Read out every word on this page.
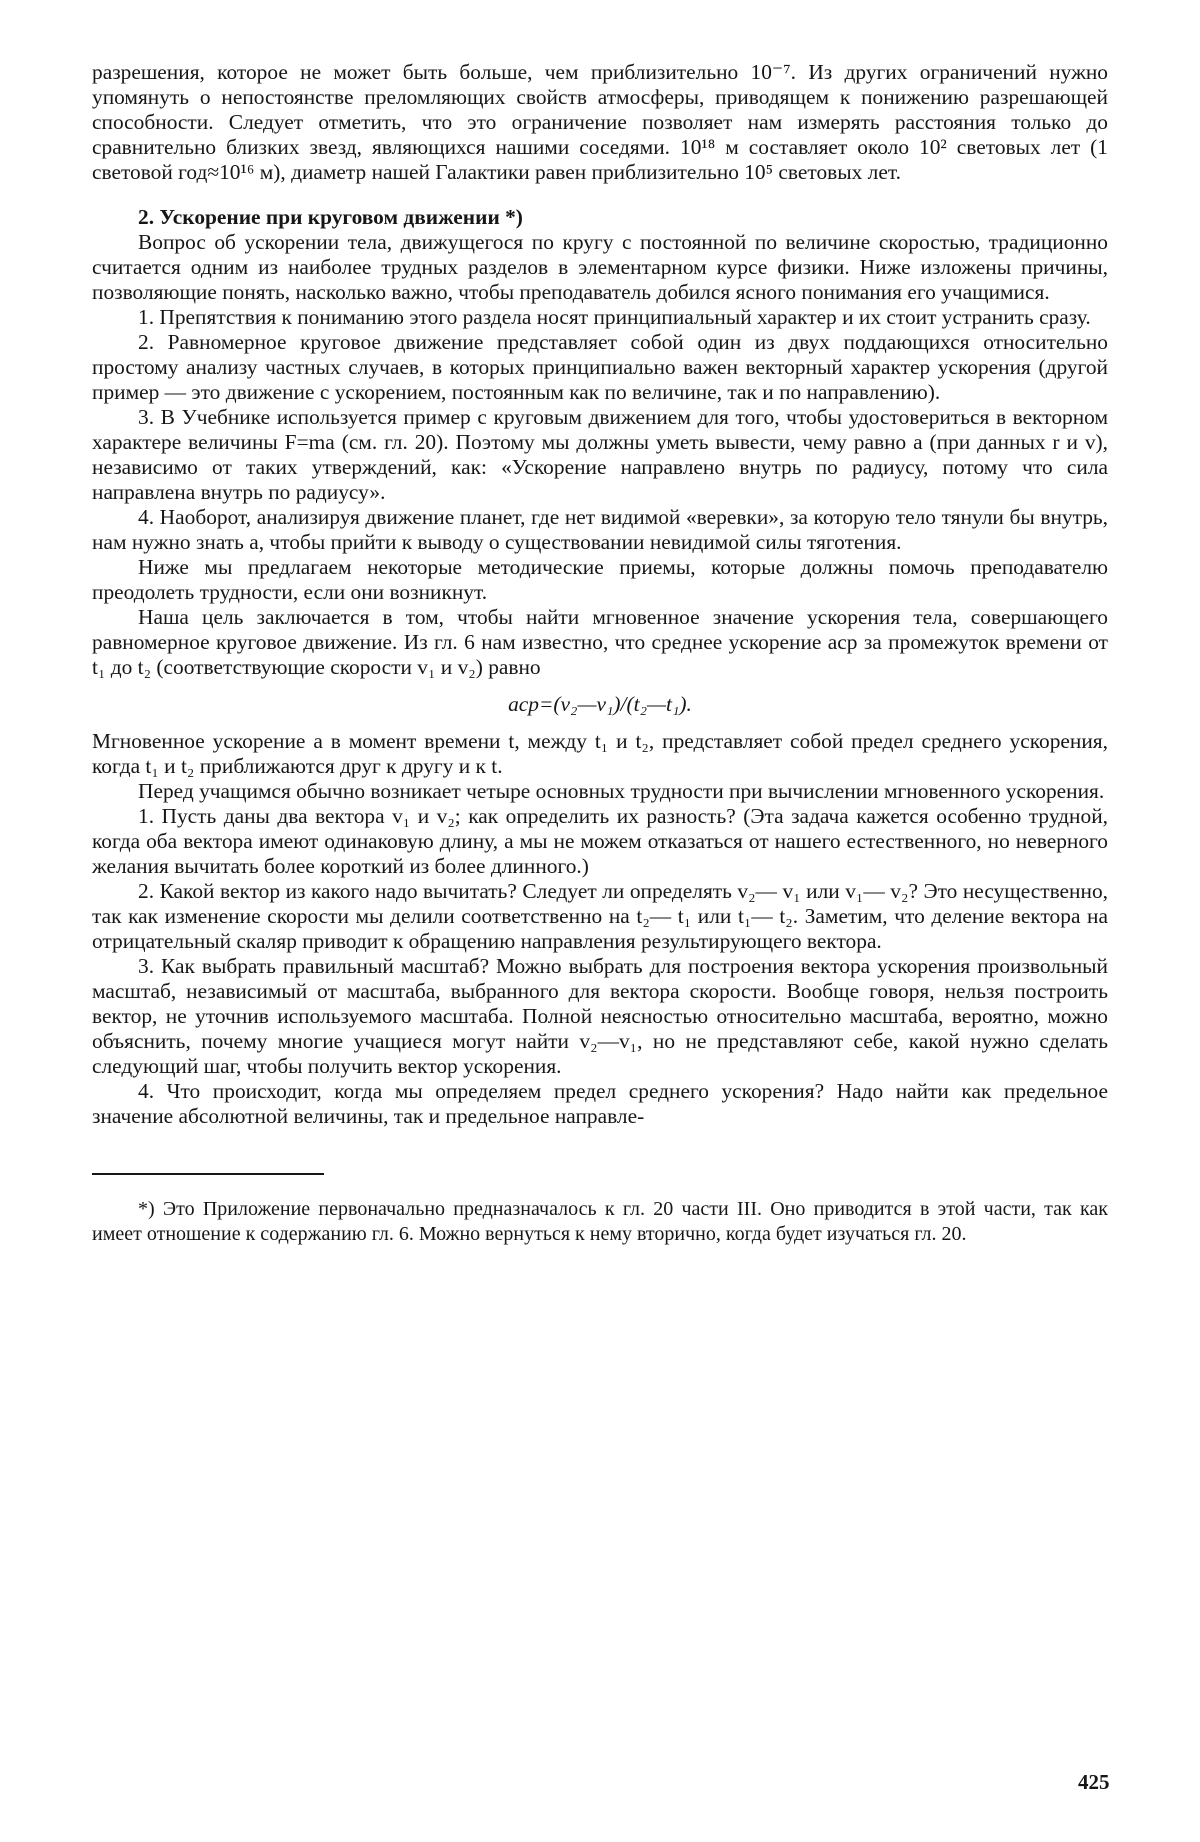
разрешения, которое не может быть больше, чем приблизительно 10⁻⁷. Из других ограничений нужно упомянуть о непостоянстве преломляющих свойств атмосферы, приводящем к понижению разрешающей способности. Следует отметить, что это ограничение позволяет нам измерять расстояния только до сравнительно близких звезд, являющихся нашими соседями. 10¹⁸ м составляет около 10² световых лет (1 световой год≈10¹⁶ м), диаметр нашей Галактики равен приблизительно 10⁵ световых лет.

2. Ускорение при круговом движении *)

Вопрос об ускорении тела, движущегося по кругу с постоянной по величине скоростью, традиционно считается одним из наиболее трудных разделов в элементарном курсе физики. Ниже изложены причины, позволяющие понять, насколько важно, чтобы преподаватель добился ясного понимания его учащимися.

1. Препятствия к пониманию этого раздела носят принципиальный характер и их стоит устранить сразу.

2. Равномерное круговое движение представляет собой один из двух поддающихся относительно простому анализу частных случаев, в которых принципиально важен векторный характер ускорения (другой пример — это движение с ускорением, постоянным как по величине, так и по направлению).

3. В Учебнике используется пример с круговым движением для того, чтобы удостовериться в векторном характере величины F=ma (см. гл. 20). Поэтому мы должны уметь вывести, чему равно a (при данных r и v), независимо от таких утверждений, как: «Ускорение направлено внутрь по радиусу, потому что сила направлена внутрь по радиусу».

4. Наоборот, анализируя движение планет, где нет видимой «веревки», за которую тело тянули бы внутрь, нам нужно знать a, чтобы прийти к выводу о существовании невидимой силы тяготения.

Ниже мы предлагаем некоторые методические приемы, которые должны помочь преподавателю преодолеть трудности, если они возникнут.

Наша цель заключается в том, чтобы найти мгновенное значение ускорения тела, совершающего равномерное круговое движение. Из гл. 6 нам известно, что среднее ускорение aср за промежуток времени от t₁ до t₂ (соответствующие скорости v₁ и v₂) равно

aср=(v₂—v₁)/(t₂—t₁).

Мгновенное ускорение a в момент времени t, между t₁ и t₂, представляет собой предел среднего ускорения, когда t₁ и t₂ приближаются друг к другу и к t.

Перед учащимся обычно возникает четыре основных трудности при вычислении мгновенного ускорения.

1. Пусть даны два вектора v₁ и v₂; как определить их разность? (Эта задача кажется особенно трудной, когда оба вектора имеют одинаковую длину, а мы не можем отказаться от нашего естественного, но неверного желания вычитать более короткий из более длинного.)

2. Какой вектор из какого надо вычитать? Следует ли определять v₂— v₁ или v₁— v₂? Это несущественно, так как изменение скорости мы делили соответственно на t₂— t₁ или t₁— t₂. Заметим, что деление вектора на отрицательный скаляр приводит к обращению направления результирующего вектора.

3. Как выбрать правильный масштаб? Можно выбрать для построения вектора ускорения произвольный масштаб, независимый от масштаба, выбранного для вектора скорости. Вообще говоря, нельзя построить вектор, не уточнив используемого масштаба. Полной неясностью относительно масштаба, вероятно, можно объяснить, почему многие учащиеся могут найти v₂—v₁, но не представляют себе, какой нужно сделать следующий шаг, чтобы получить вектор ускорения.

4. Что происходит, когда мы определяем предел среднего ускорения? Надо найти как предельное значение абсолютной величины, так и предельное направле-

*) Это Приложение первоначально предназначалось к гл. 20 части III. Оно приводится в этой части, так как имеет отношение к содержанию гл. 6. Можно вернуться к нему вторично, когда будет изучаться гл. 20.

425
